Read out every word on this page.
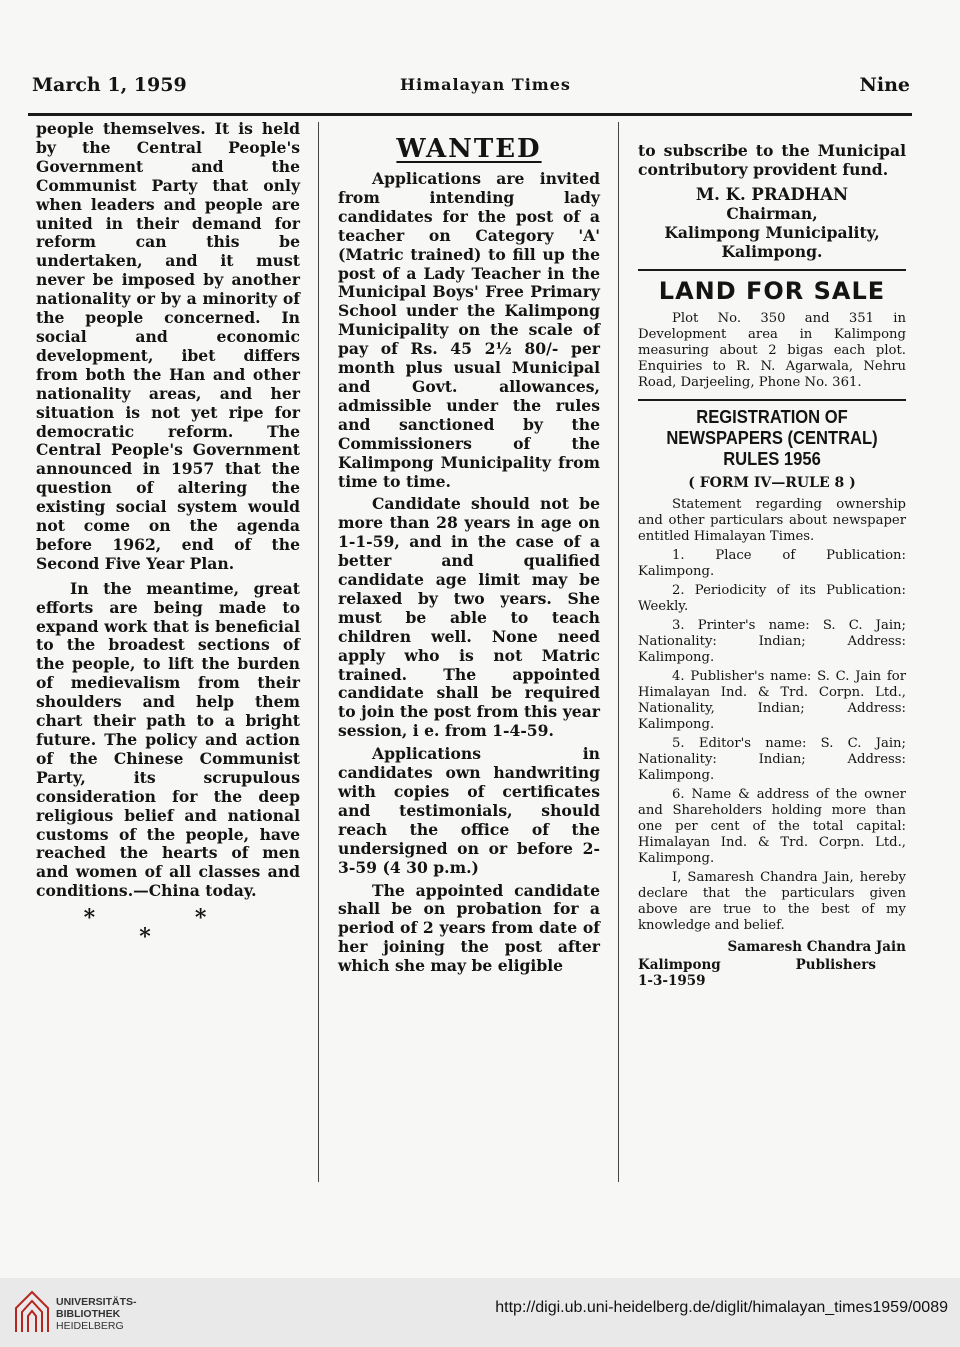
March 1, 1959	Himalayan Times	Nine

people themselves. It is held by the Central People's Government and the Communist Party that only when leaders and people are united in their demand for reform can this be undertaken, and it must never be imposed by another nationality or by a minority of the people concerned. In social and economic development, ibet differs from both the Han and other nationality areas, and her situation is not yet ripe for democratic reform. The Central People's Government announced in 1957 that the question of altering the existing social system would not come on the agenda before 1962, end of the Second Five Year Plan.

In the meantime, great efforts are being made to expand work that is beneficial to the broadest sections of the people, to lift the burden of medievalism from their shoulders and help them chart their path to a bright future. The policy and action of the Chinese Communist Party, its scrupulous consideration for the deep religious belief and national customs of the people, have reached the hearts of men and women of all classes and conditions.—China today.

* * *
WANTED

Applications are invited from intending lady candidates for the post of a teacher on Category 'A' (Matric trained) to fill up the post of a Lady Teacher in the Municipal Boys' Free Primary School under the Kalimpong Municipality on the scale of pay of Rs. 45 2½ 80/- per month plus usual Municipal and Govt. allowances, admissible under the rules and sanctioned by the Commissioners of the Kalimpong Municipality from time to time.

Candidate should not be more than 28 years in age on 1-1-59, and in the case of a better and qualified candidate age limit may be relaxed by two years. She must be able to teach children well. None need apply who is not Matric trained. The appointed candidate shall be required to join the post from this year session, i e. from 1-4-59.

Applications in candidates own handwriting with copies of certificates and testimonials, should reach the office of the undersigned on or before 2-3-59 (4 30 p.m.)

The appointed candidate shall be on probation for a period of 2 years from date of her joining the post after which she may be eligible

to subscribe to the Municipal contributory provident fund.

M. K. PRADHAN
Chairman,
Kalimpong Municipality,
Kalimpong.
LAND FOR SALE

Plot No. 350 and 351 in Development area in Kalimpong measuring about 2 bigas each plot. Enquiries to R. N. Agarwala, Nehru Road, Darjeeling, Phone No. 361.

REGISTRATION OF NEWSPAPERS (CENTRAL) RULES 1956
( FORM IV—RULE 8 )

Statement regarding ownership and other particulars about newspaper entitled Himalayan Times.

1. Place of Publication: Kalimpong.

2. Periodicity of its Publication: Weekly.

3. Printer's name: S. C. Jain; Nationality: Indian; Address: Kalimpong.

4. Publisher's name: S. C. Jain for Himalayan Ind. & Trd. Corpn. Ltd., Nationality, Indian; Address: Kalimpong.

5. Editor's name: S. C. Jain; Nationality: Indian; Address: Kalimpong.

6. Name & address of the owner and Shareholders holding more than one per cent of the total capital: Himalayan Ind. & Trd. Corpn. Ltd., Kalimpong.

I, Samaresh Chandra Jain, hereby declare that the particulars given above are true to the best of my knowledge and belief.

Samaresh Chandra Jain
Kalimpong	Publishers
1-3-1959
UNIVERSITÄTS-
BIBLIOTHEK
HEIDELBERG
http://digi.ub.uni-heidelberg.de/diglit/himalayan_times1959/0089
